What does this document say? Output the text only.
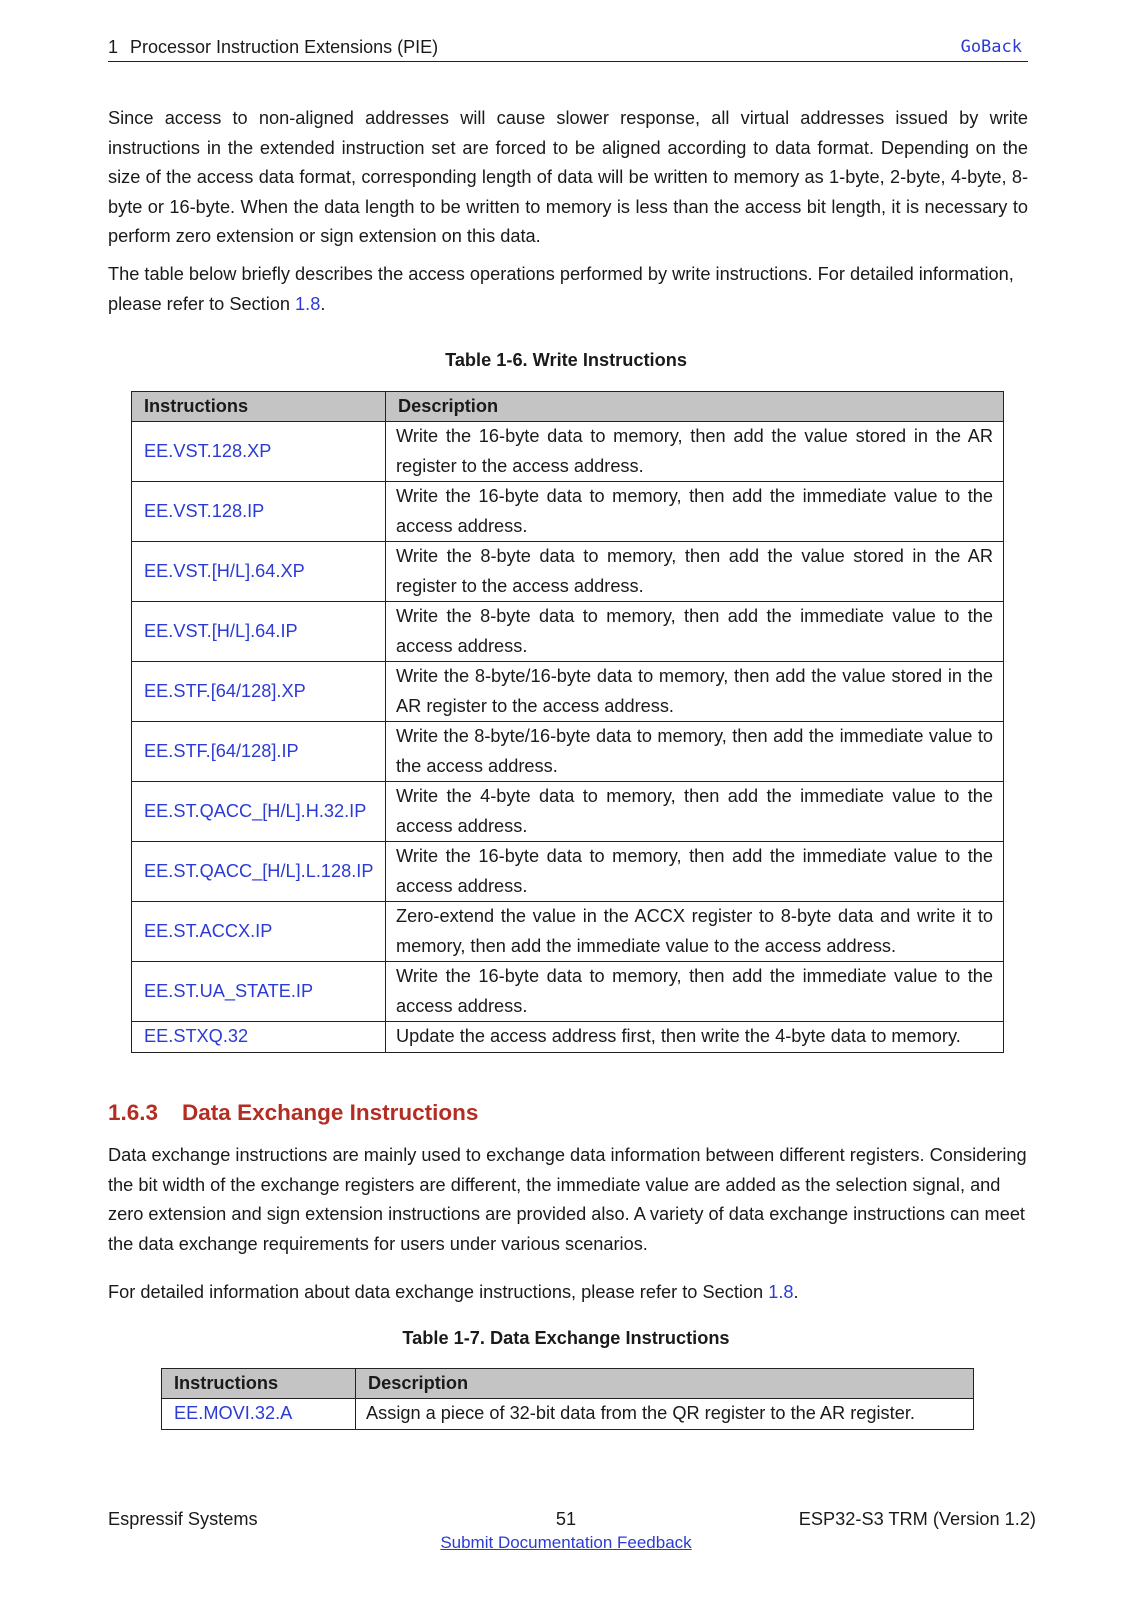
1 Processor Instruction Extensions (PIE)	GoBack

Since access to non-aligned addresses will cause slower response, all virtual addresses issued by write instructions in the extended instruction set are forced to be aligned according to data format. Depending on the size of the access data format, corresponding length of data will be written to memory as 1-byte, 2-byte, 4-byte, 8-byte or 16-byte. When the data length to be written to memory is less than the access bit length, it is necessary to perform zero extension or sign extension on this data.

The table below briefly describes the access operations performed by write instructions. For detailed information, please refer to Section 1.8.

Table 1-6. Write Instructions
Instructions	Description
EE.VST.128.XP	Write the 16-byte data to memory, then add the value stored in the AR register to the access address.
EE.VST.128.IP	Write the 16-byte data to memory, then add the immediate value to the access address.
EE.VST.[H/L].64.XP	Write the 8-byte data to memory, then add the value stored in the AR register to the access address.
EE.VST.[H/L].64.IP	Write the 8-byte data to memory, then add the immediate value to the access address.
EE.STF.[64/128].XP	Write the 8-byte/16-byte data to memory, then add the value stored in the AR register to the access address.
EE.STF.[64/128].IP	Write the 8-byte/16-byte data to memory, then add the immediate value to the access address.
EE.ST.QACC_[H/L].H.32.IP	Write the 4-byte data to memory, then add the immediate value to the access address.
EE.ST.QACC_[H/L].L.128.IP	Write the 16-byte data to memory, then add the immediate value to the access address.
EE.ST.ACCX.IP	Zero-extend the value in the ACCX register to 8-byte data and write it to memory, then add the immediate value to the access address.
EE.ST.UA_STATE.IP	Write the 16-byte data to memory, then add the immediate value to the access address.
EE.STXQ.32	Update the access address first, then write the 4-byte data to memory.
1.6.3 Data Exchange Instructions

Data exchange instructions are mainly used to exchange data information between different registers. Considering the bit width of the exchange registers are different, the immediate value are added as the selection signal, and zero extension and sign extension instructions are provided also. A variety of data exchange instructions can meet the data exchange requirements for users under various scenarios.

For detailed information about data exchange instructions, please refer to Section 1.8.

Table 1-7. Data Exchange Instructions
Instructions	Description
EE.MOVI.32.A	Assign a piece of 32-bit data from the QR register to the AR register.
Espressif Systems	51	ESP32-S3 TRM (Version 1.2)
Submit Documentation Feedback
